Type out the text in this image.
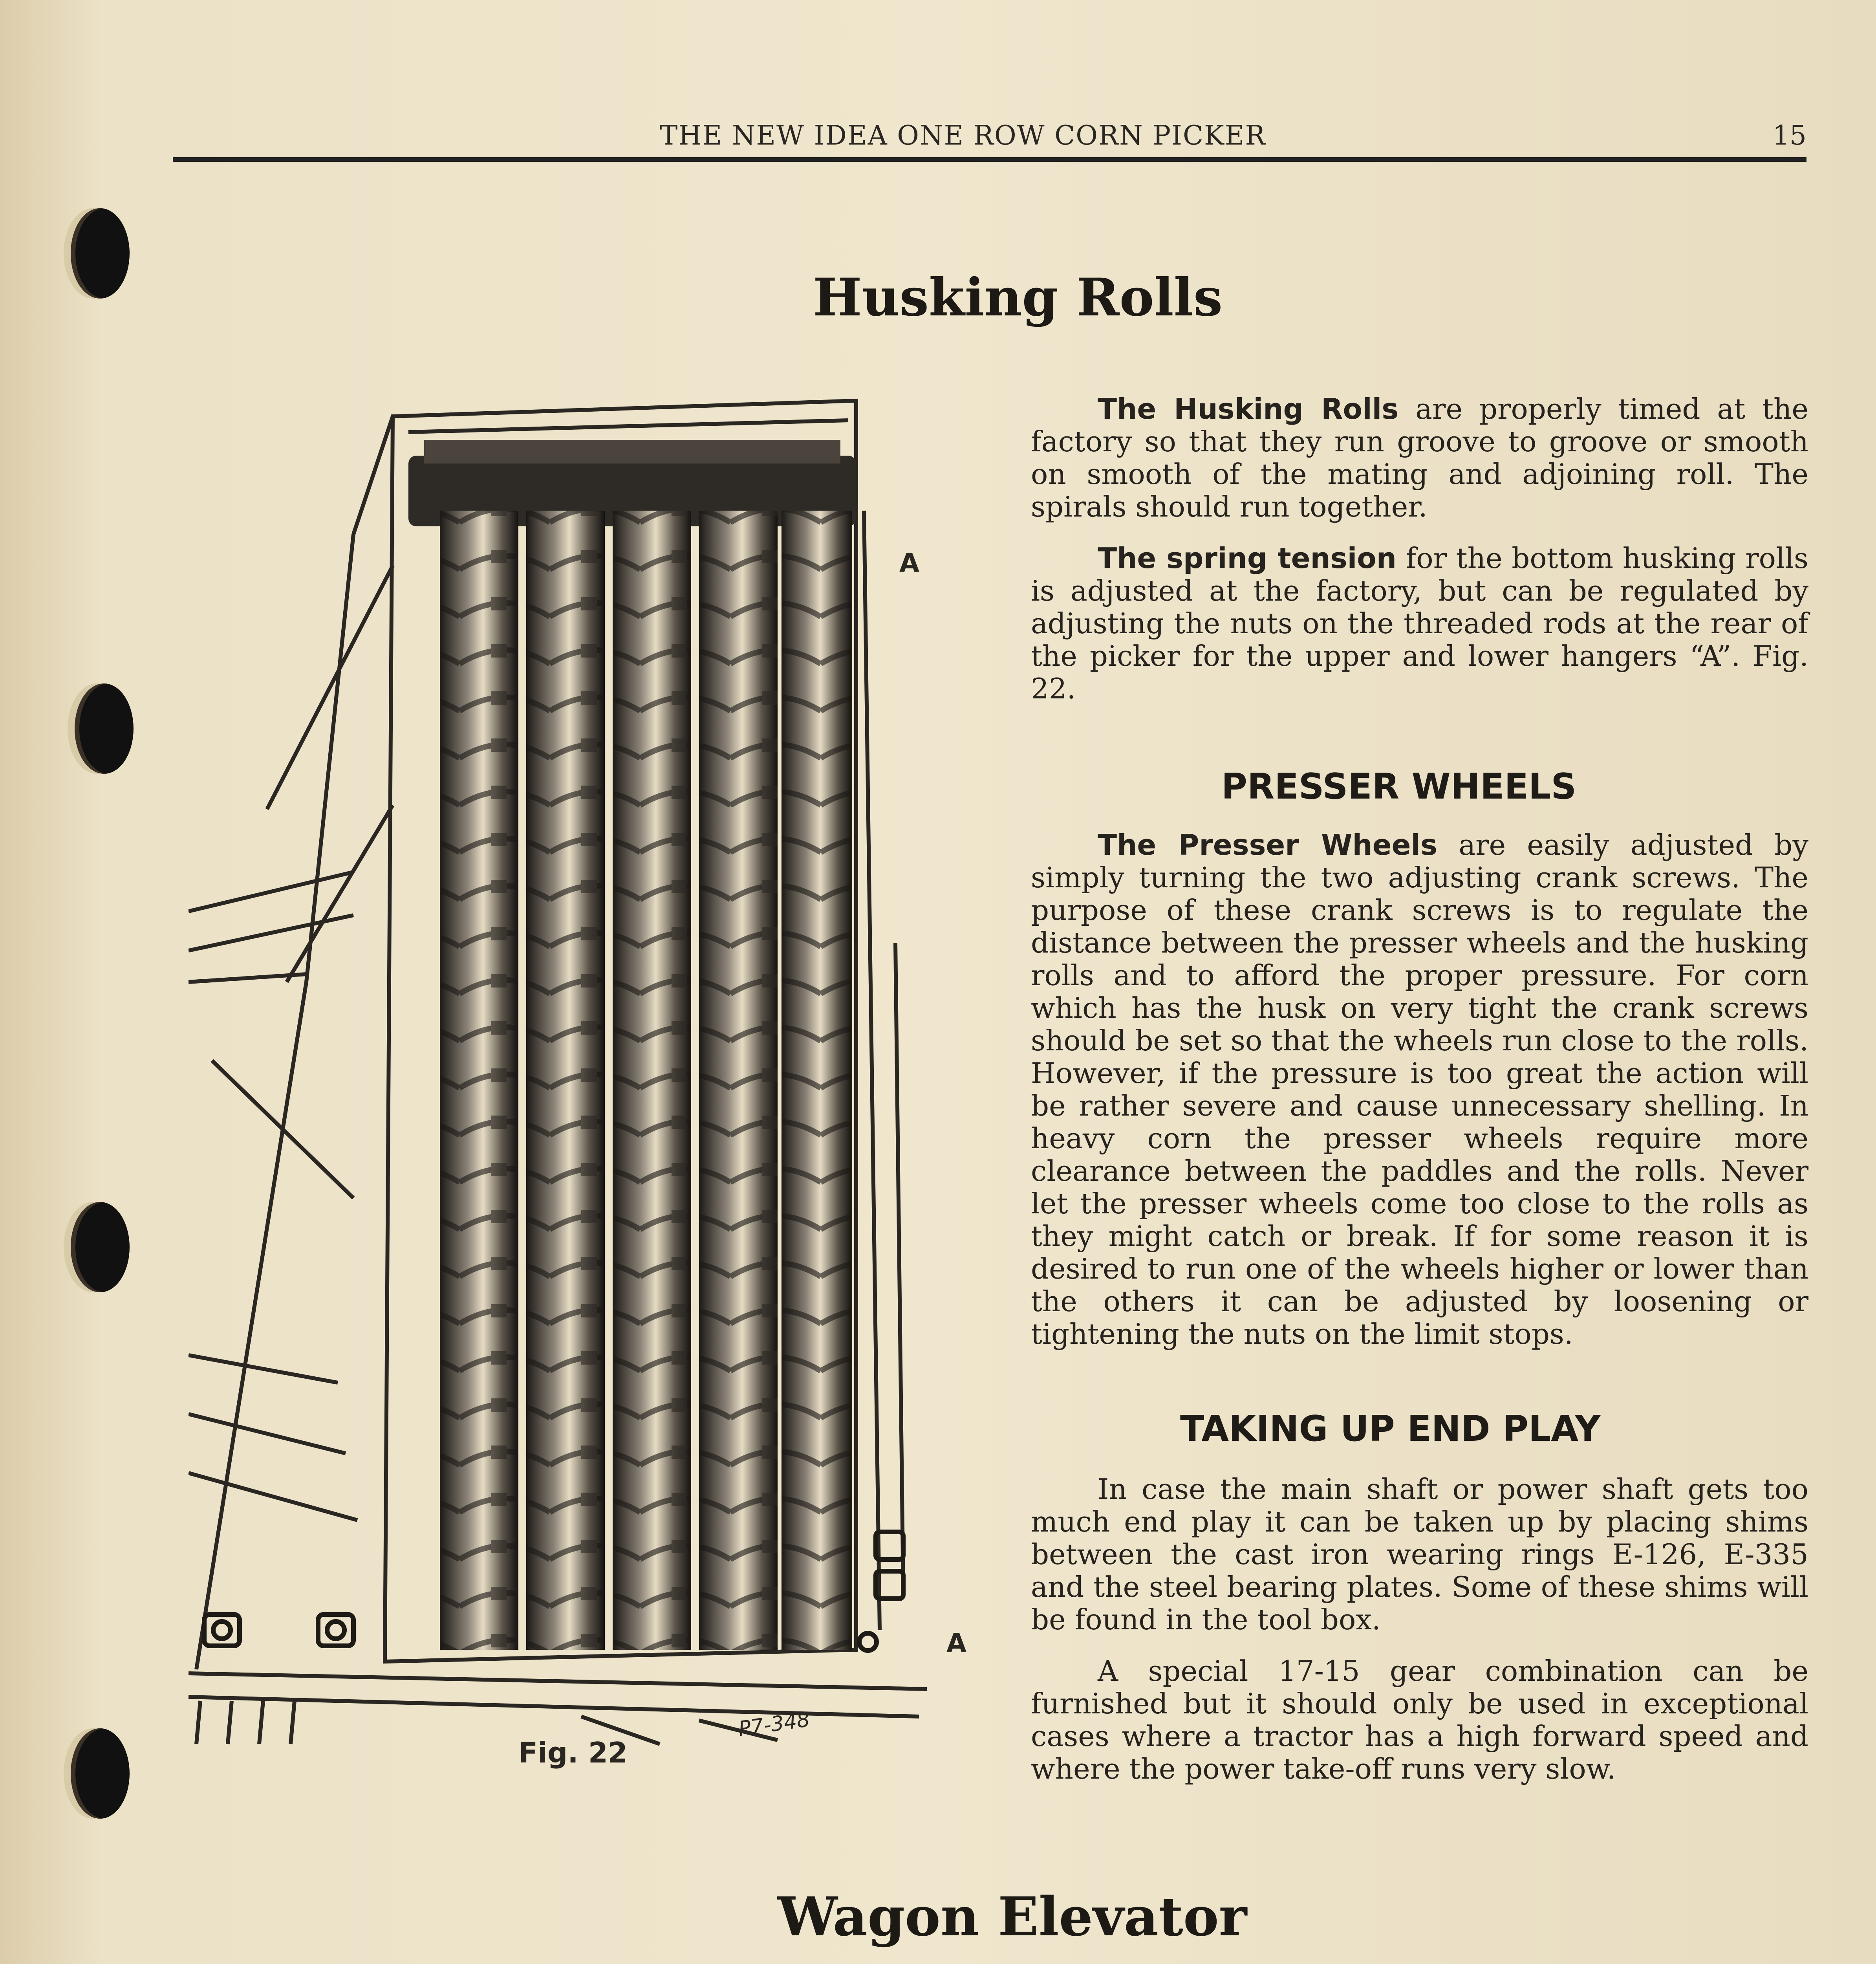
THE NEW IDEA ONE ROW CORN PICKER	15
Husking Rolls
A
A
P7-348
Fig. 22

The Husking Rolls are properly timed at the factory so that they run groove to groove or smooth on smooth of the mating and adjoining roll. The spirals should run together.

The spring tension for the bottom husking rolls is adjusted at the factory, but can be regulated by adjusting the nuts on the threaded rods at the rear of the picker for the upper and lower hangers “A”. Fig. 22.

PRESSER WHEELS

The Presser Wheels are easily adjusted by simply turning the two adjusting crank screws. The purpose of these crank screws is to regulate the distance between the presser wheels and the husking rolls and to afford the proper pressure. For corn which has the husk on very tight the crank screws should be set so that the wheels run close to the rolls. However, if the pressure is too great the action will be rather severe and cause unnecessary shelling. In heavy corn the presser wheels require more clearance between the paddles and the rolls. Never let the presser wheels come too close to the rolls as they might catch or break. If for some reason it is desired to run one of the wheels higher or lower than the others it can be adjusted by loosening or tightening the nuts on the limit stops.

TAKING UP END PLAY

In case the main shaft or power shaft gets too much end play it can be taken up by placing shims between the cast iron wearing rings E-126, E-335 and the steel bearing plates. Some of these shims will be found in the tool box.

A special 17-15 gear combination can be furnished but it should only be used in exceptional cases where a tractor has a high forward speed and where the power take-off runs very slow.

Wagon Elevator
